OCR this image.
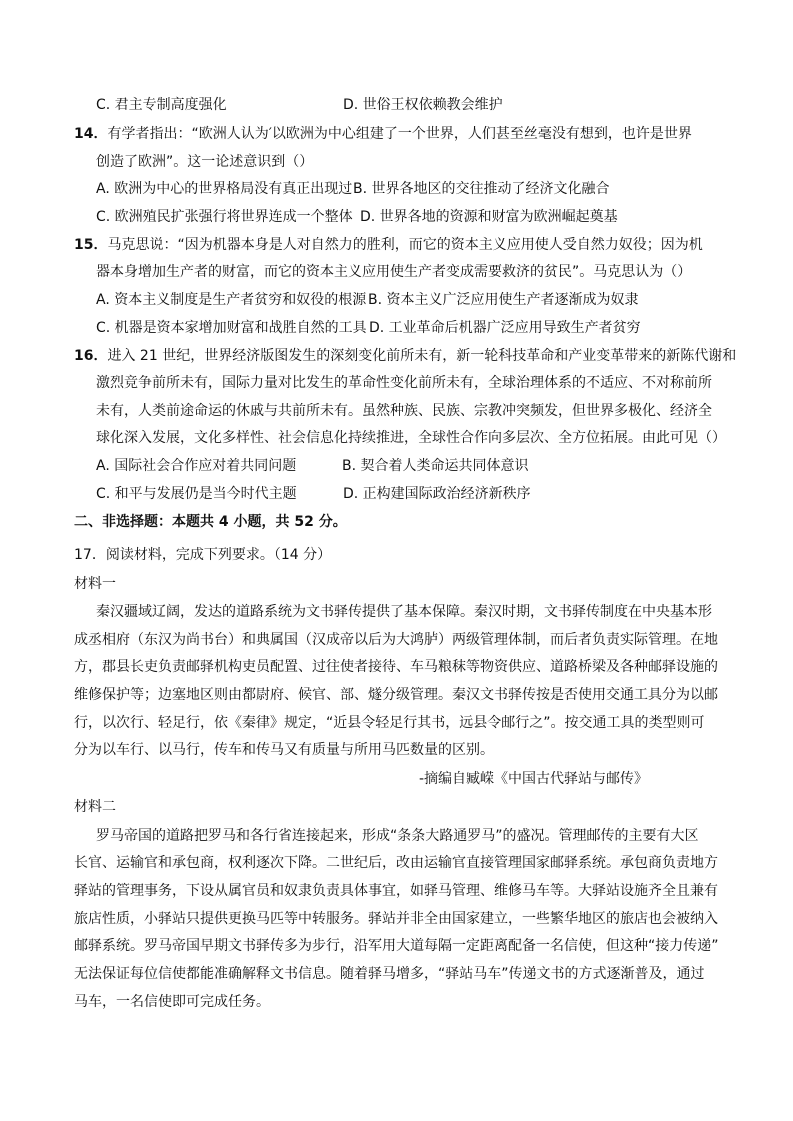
C. 君主专制高度强化	D. 世俗王权依赖教会维护
14．有学者指出：“欧洲人认为′以欧洲为中心组建了一个世界，人们甚至丝毫没有想到，也许是世界
创造了欧洲”。这一论述意识到（）
A. 欧洲为中心的世界格局没有真正出现过 B. 世界各地区的交往推动了经济文化融合
C. 欧洲殖民扩张强行将世界连成一个整体 D. 世界各地的资源和财富为欧洲崛起奠基
15．马克思说：“因为机器本身是人对自然力的胜利，而它的资本主义应用使人受自然力奴役；因为机
器本身增加生产者的财富，而它的资本主义应用使生产者变成需要救济的贫民”。马克思认为（）
A. 资本主义制度是生产者贫穷和奴役的根源 B. 资本主义广泛应用使生产者逐渐成为奴隶
C. 机器是资本家增加财富和战胜自然的工具 D. 工业革命后机器广泛应用导致生产者贫穷
16．进入 21 世纪，世界经济版图发生的深刻变化前所未有，新一轮科技革命和产业变革带来的新陈代谢和
激烈竞争前所未有，国际力量对比发生的革命性变化前所未有，全球治理体系的不适应、不对称前所
未有，人类前途命运的休戚与共前所未有。虽然种族、民族、宗教冲突频发，但世界多极化、经济全
球化深入发展，文化多样性、社会信息化持续推进，全球性合作向多层次、全方位拓展。由此可见（）
A. 国际社会合作应对着共同问题	B. 契合着人类命运共同体意识
C. 和平与发展仍是当今时代主题	D. 正构建国际政治经济新秩序
二、非选择题：本题共 4 小题，共 52 分。
17．阅读材料，完成下列要求。（14 分）
材料一
秦汉疆域辽阔，发达的道路系统为文书驿传提供了基本保障。秦汉时期，文书驿传制度在中央基本形
成丞相府（东汉为尚书台）和典属国（汉成帝以后为大鸿胪）两级管理体制，而后者负责实际管理。在地
方，郡县长吏负责邮驿机构吏员配置、过往使者接待、车马粮秣等物资供应、道路桥梁及各种邮驿设施的
维修保护等；边塞地区则由都尉府、候官、部、燧分级管理。秦汉文书驿传按是否使用交通工具分为以邮
行，以次行、轻足行，依《秦律》规定，“近县令轻足行其书，远县令邮行之”。按交通工具的类型则可
分为以车行、以马行，传车和传马又有质量与所用马匹数量的区别。
-摘编自臧嵘《中国古代驿站与邮传》
材料二
罗马帝国的道路把罗马和各行省连接起来，形成“条条大路通罗马”的盛况。管理邮传的主要有大区
长官、运输官和承包商，权利逐次下降。二世纪后，改由运输官直接管理国家邮驿系统。承包商负责地方
驿站的管理事务，下设从属官员和奴隶负责具体事宜，如驿马管理、维修马车等。大驿站设施齐全且兼有
旅店性质，小驿站只提供更换马匹等中转服务。驿站并非全由国家建立，一些繁华地区的旅店也会被纳入
邮驿系统。罗马帝国早期文书驿传多为步行，沿军用大道每隔一定距离配备一名信使，但这种“接力传递”
无法保证每位信使都能准确解释文书信息。随着驿马增多，“驿站马车”传递文书的方式逐渐普及，通过
马车，一名信使即可完成任务。
